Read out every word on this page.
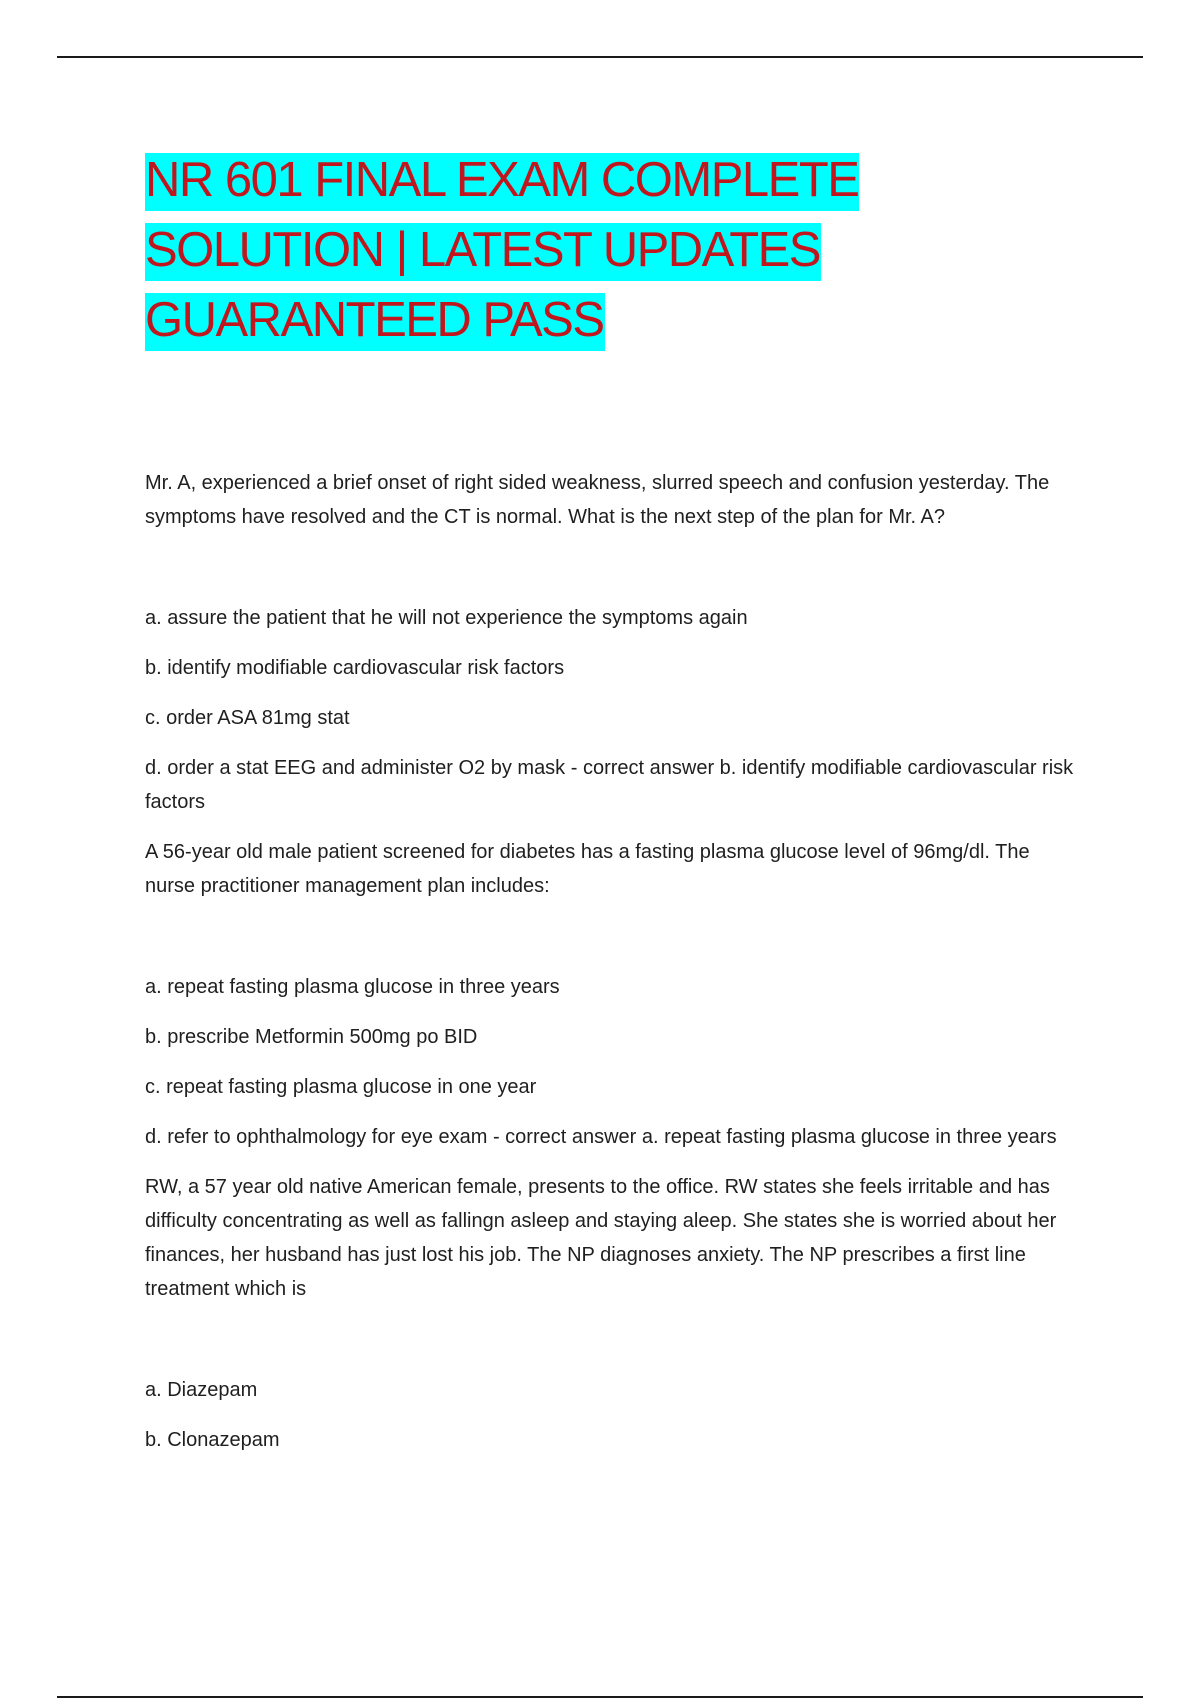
NR 601 FINAL EXAM COMPLETE
SOLUTION | LATEST UPDATES
GUARANTEED PASS

Mr. A, experienced a brief onset of right sided weakness, slurred speech and confusion yesterday. The symptoms have resolved and the CT is normal. What is the next step of the plan for Mr. A?

a. assure the patient that he will not experience the symptoms again

b. identify modifiable cardiovascular risk factors

c. order ASA 81mg stat

d. order a stat EEG and administer O2 by mask - correct answer b. identify modifiable cardiovascular risk factors

A 56-year old male patient screened for diabetes has a fasting plasma glucose level of 96mg/dl. The nurse practitioner management plan includes:

a. repeat fasting plasma glucose in three years

b. prescribe Metformin 500mg po BID

c. repeat fasting plasma glucose in one year

d. refer to ophthalmology for eye exam - correct answer a. repeat fasting plasma glucose in three years

RW, a 57 year old native American female, presents to the office. RW states she feels irritable and has difficulty concentrating as well as fallingn asleep and staying aleep. She states she is worried about her finances, her husband has just lost his job. The NP diagnoses anxiety. The NP prescribes a first line treatment which is

a. Diazepam

b. Clonazepam
